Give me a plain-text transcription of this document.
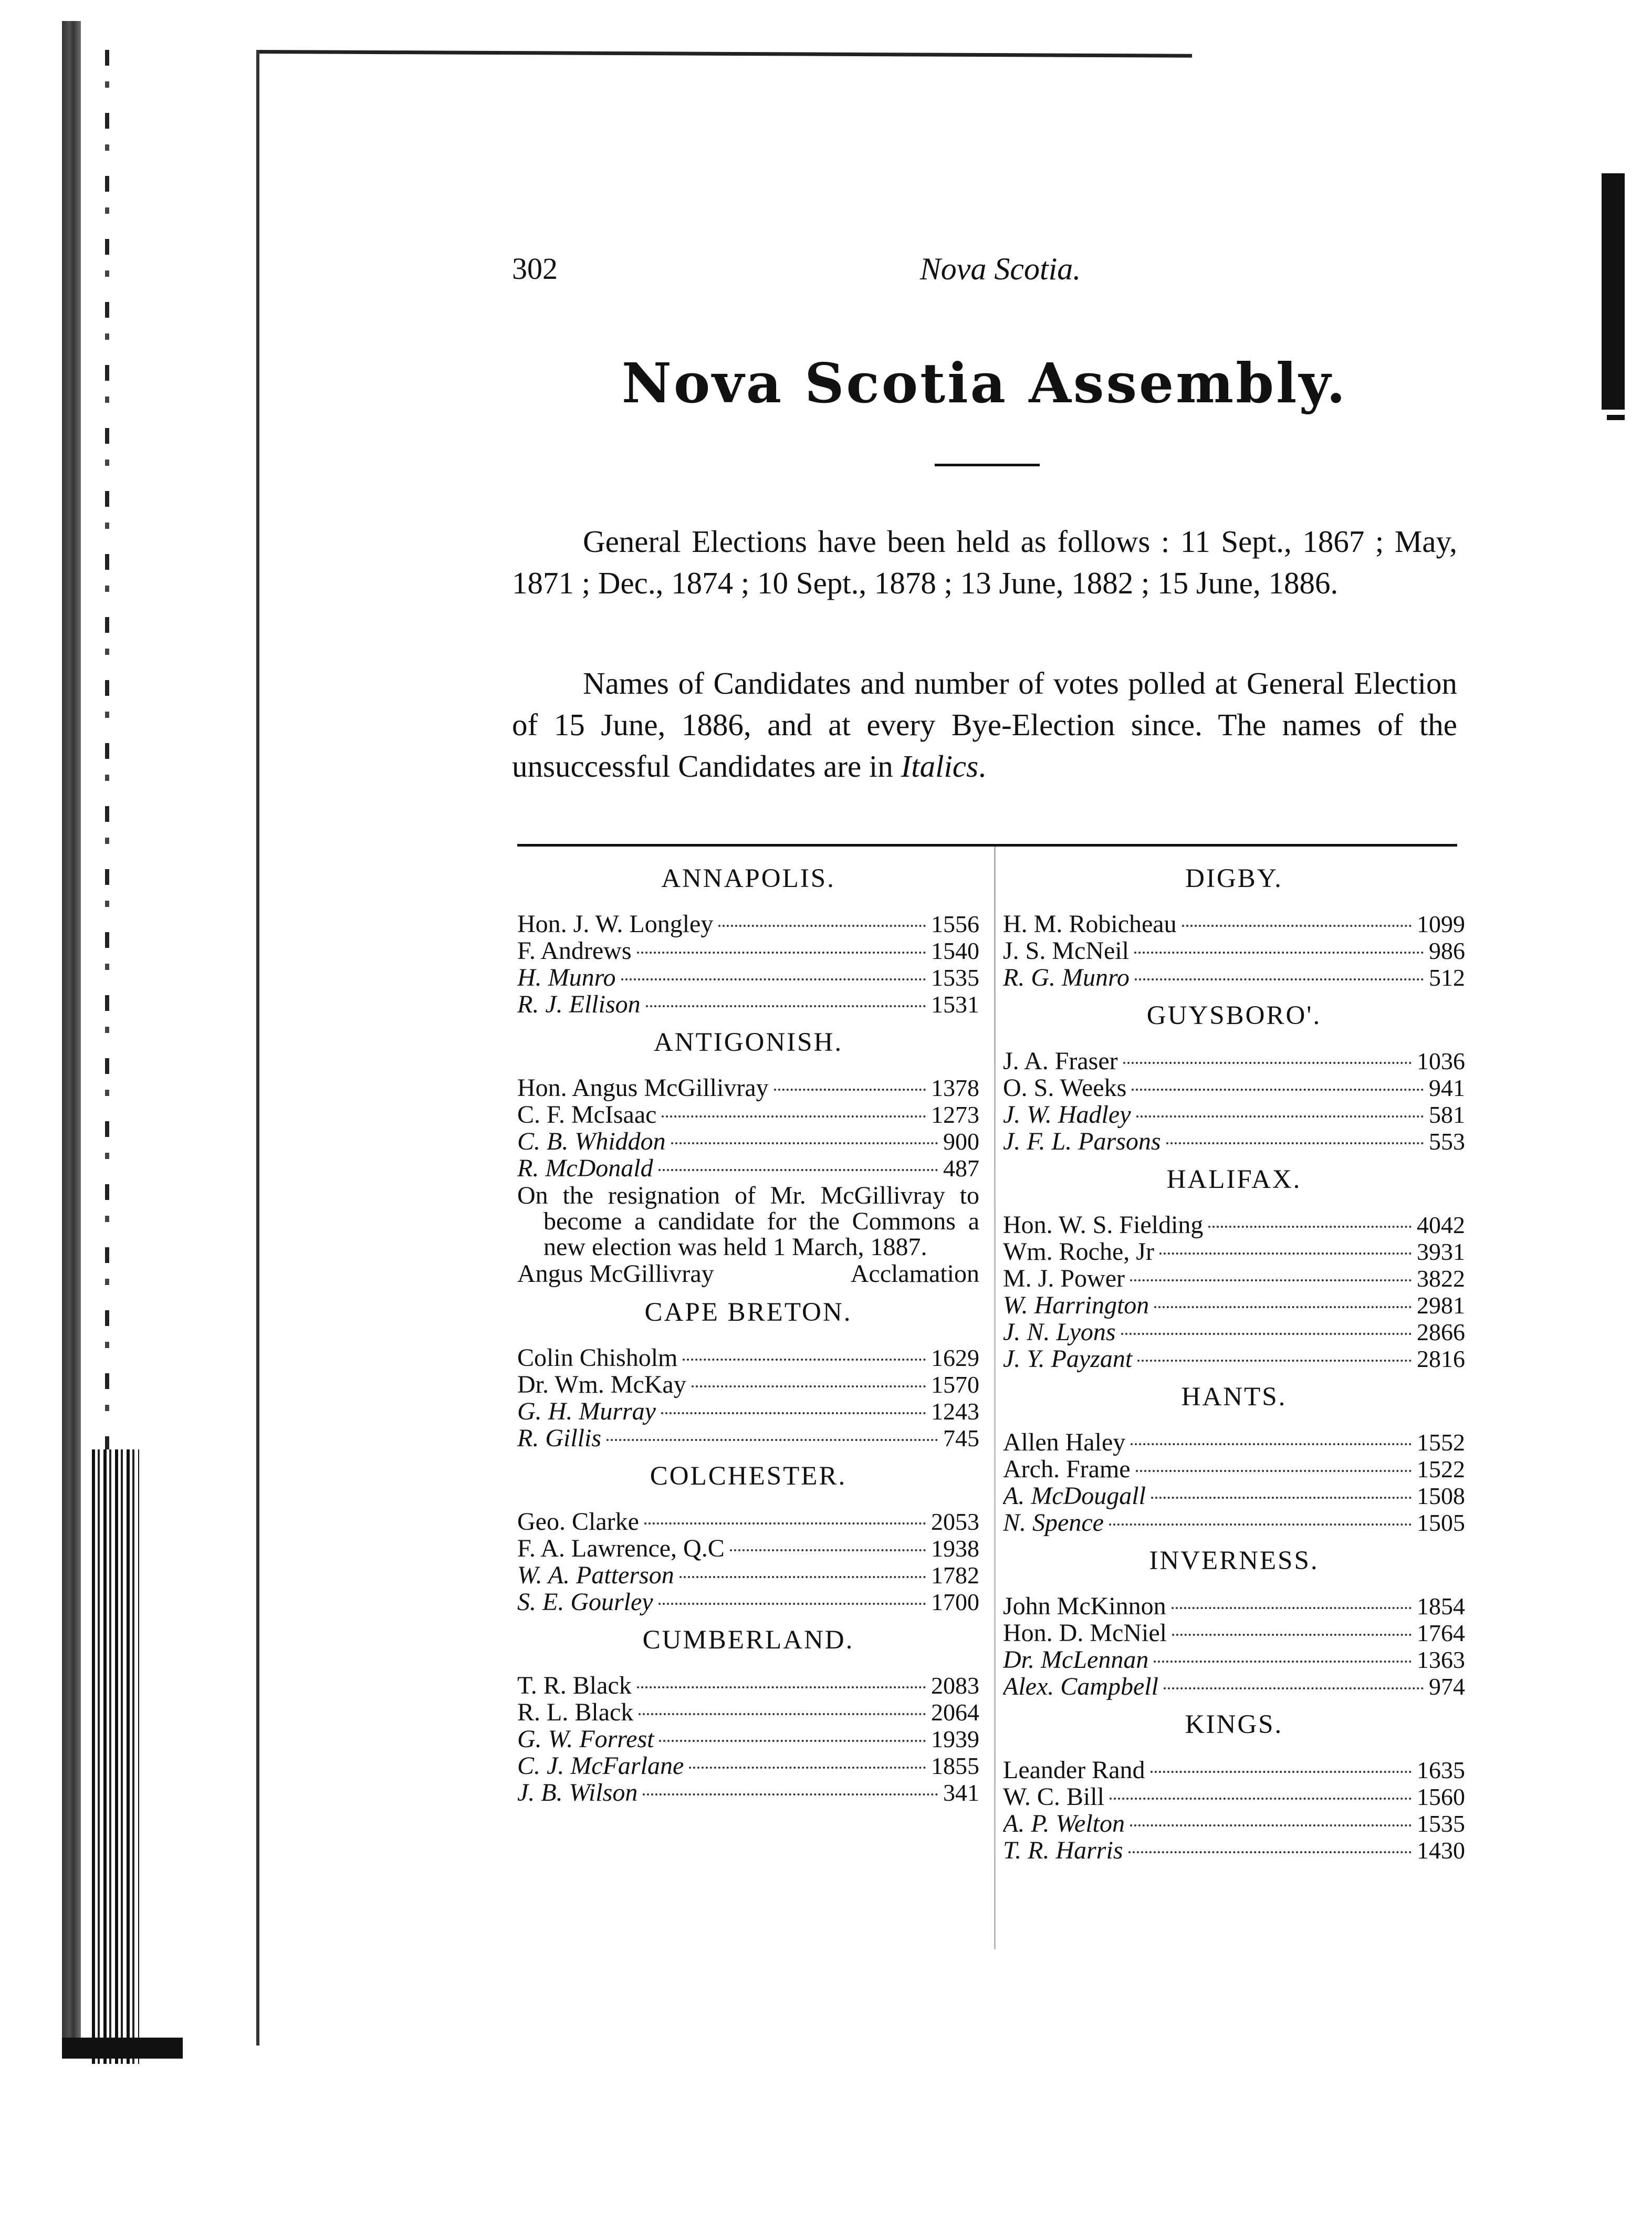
302	Nova Scotia.
Nova Scotia Assembly.

General Elections have been held as follows : 11 Sept., 1867 ; May, 1871 ; Dec., 1874 ; 10 Sept., 1878 ; 13 June, 1882 ; 15 June, 1886.

Names of Candidates and number of votes polled at General Election of 15 June, 1886, and at every Bye-Election since. The names of the unsuccessful Candidates are in Italics.

ANNAPOLIS.
Hon. J. W. Longley	1556
F. Andrews	1540
H. Munro	1535
R. J. Ellison	1531
ANTIGONISH.
Hon. Angus McGillivray	1378
C. F. McIsaac	1273
C. B. Whiddon	900
R. McDonald	487

On the resignation of Mr. McGillivray to become a candidate for the Commons a new election was held 1 March, 1887.

Angus McGillivray	Acclamation
CAPE BRETON.
Colin Chisholm	1629
Dr. Wm. McKay	1570
G. H. Murray	1243
R. Gillis	745
COLCHESTER.
Geo. Clarke	2053
F. A. Lawrence, Q.C	1938
W. A. Patterson	1782
S. E. Gourley	1700
CUMBERLAND.
T. R. Black	2083
R. L. Black	2064
G. W. Forrest	1939
C. J. McFarlane	1855
J. B. Wilson	341
DIGBY.
H. M. Robicheau	1099
J. S. McNeil	986
R. G. Munro	512
GUYSBORO'.
J. A. Fraser	1036
O. S. Weeks	941
J. W. Hadley	581
J. F. L. Parsons	553
HALIFAX.
Hon. W. S. Fielding	4042
Wm. Roche, Jr	3931
M. J. Power	3822
W. Harrington	2981
J. N. Lyons	2866
J. Y. Payzant	2816
HANTS.
Allen Haley	1552
Arch. Frame	1522
A. McDougall	1508
N. Spence	1505
INVERNESS.
John McKinnon	1854
Hon. D. McNiel	1764
Dr. McLennan	1363
Alex. Campbell	974
KINGS.
Leander Rand	1635
W. C. Bill	1560
A. P. Welton	1535
T. R. Harris	1430
